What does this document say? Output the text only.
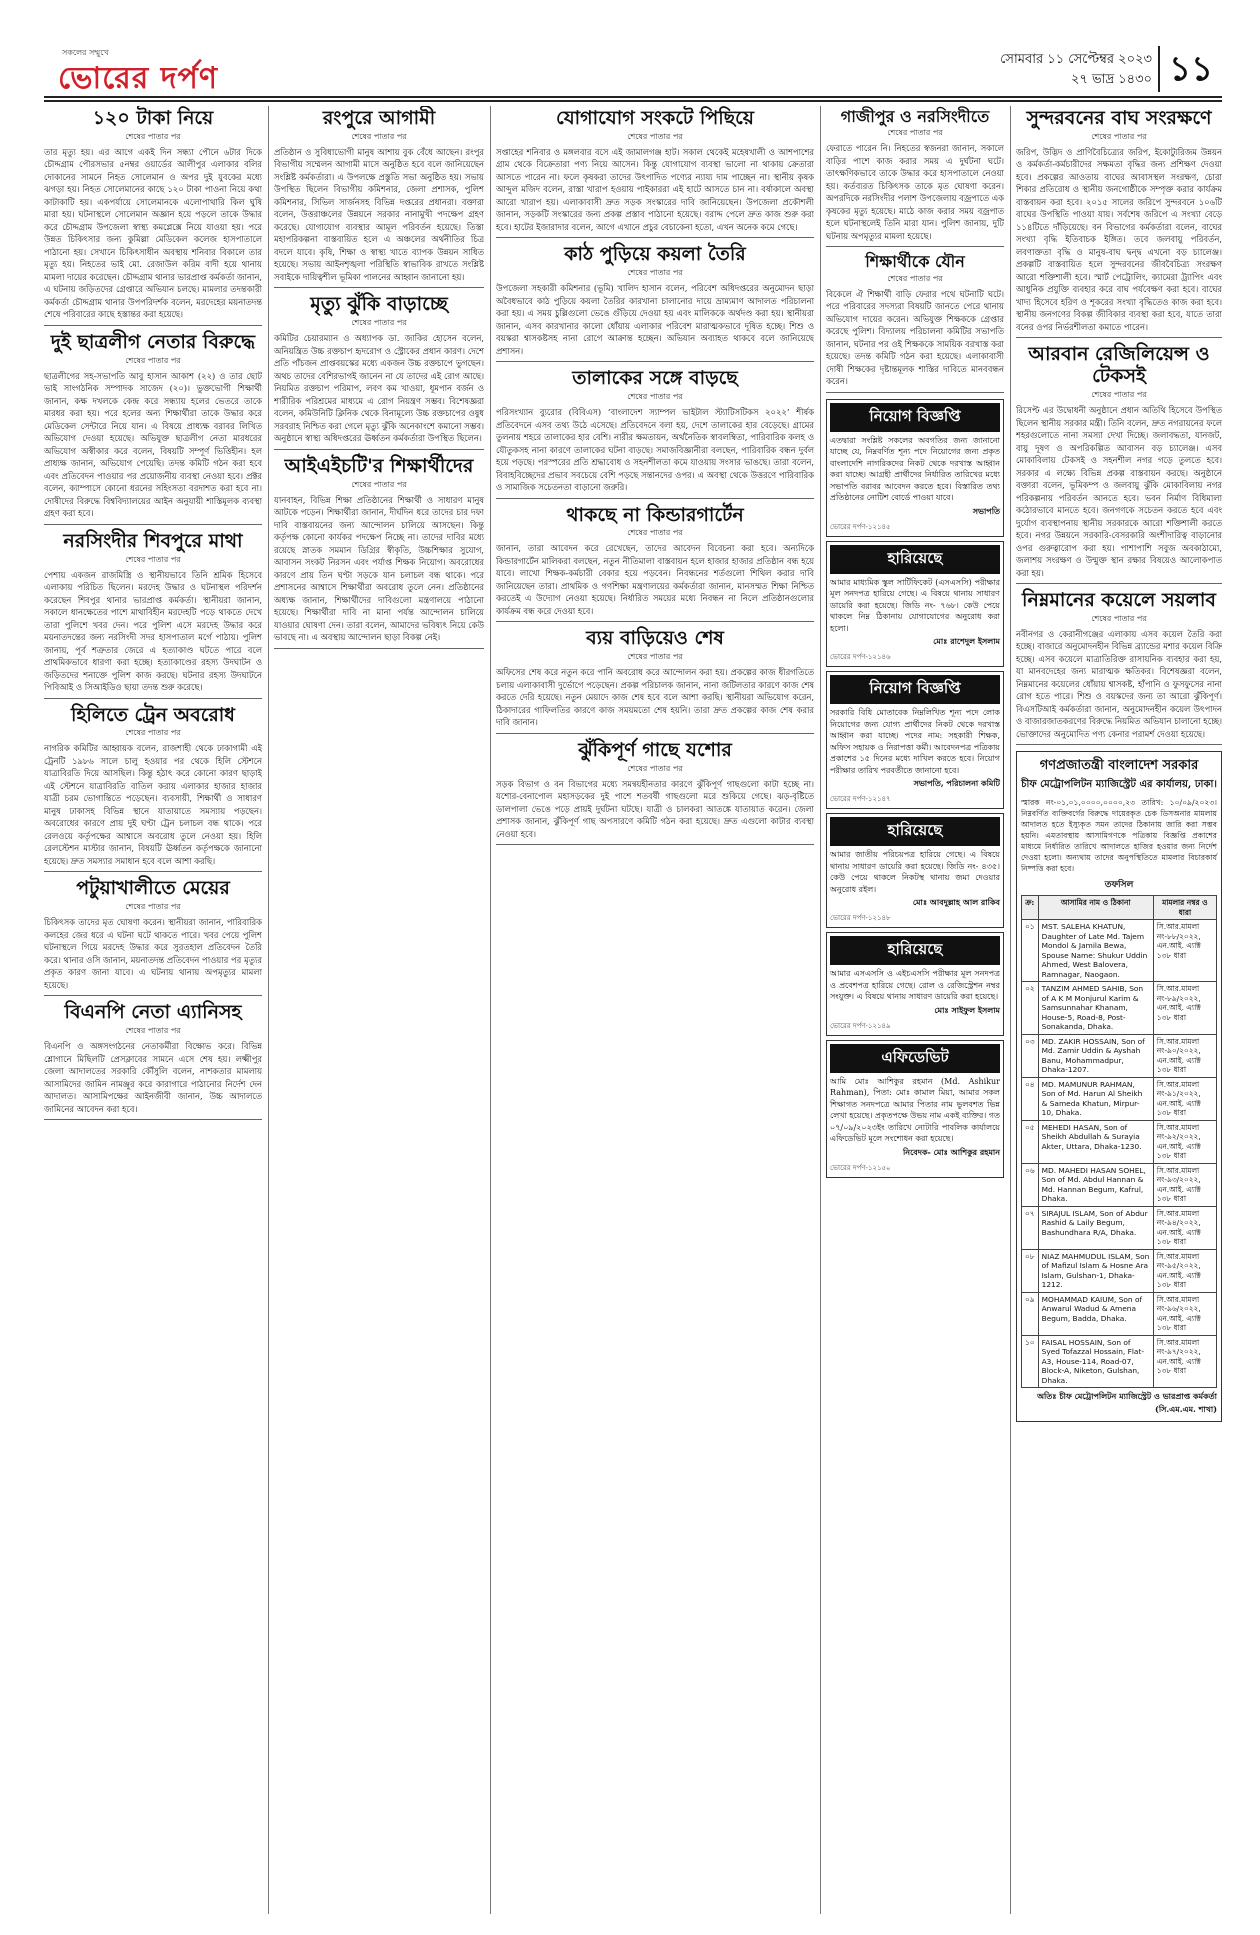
সকলের সম্মুখে
ভোরের দর্পণ
সোমবার ১১ সেপ্টেম্বর ২০২৩
২৭ ভাদ্র ১৪৩০ ১১
১২০ টাকা নিয়ে
শেষের পাতার পর
তার মৃত্যু হয়। এর আগে একই দিন সন্ধ্যা পৌনে ৬টার দিকে চৌদ্দগ্রাম পৌরসভার ৫নম্বর ওয়ার্ডের আলীপুর এলাকার বলির দোকানের সামনে নিহত সোলেমান ও অপর দুই যুবকের মধ্যে ঝগড়া হয়। নিহত সোলেমানের কাছে ১২০ টাকা পাওনা নিয়ে কথা কাটাকাটি হয়। একপর্যায়ে সোলেমানকে এলোপাথারি কিল ঘুষি মারা হয়। ঘটনাস্থলে সোলেমান অজ্ঞান হয়ে পড়লে তাকে উদ্ধার করে চৌদ্দগ্রাম উপজেলা স্বাস্থ্য কমপ্লেক্সে নিয়ে যাওয়া হয়। পরে উন্নত চিকিৎসার জন্য কুমিল্লা মেডিকেল কলেজ হাসপাতালে পাঠানো হয়। সেখানে চিকিৎসাধীন অবস্থায় শনিবার বিকালে তার মৃত্যু হয়। নিহতের ভাই মো. রেজাউল করিম বাদী হয়ে থানায় মামলা দায়ের করেছেন। চৌদ্দগ্রাম থানার ভারপ্রাপ্ত কর্মকর্তা জানান, এ ঘটনায় জড়িতদের গ্রেপ্তারে অভিযান চলছে। মামলার তদন্তকারী কর্মকর্তা চৌদ্দগ্রাম থানার উপপরিদর্শক বলেন, মরদেহের ময়নাতদন্ত শেষে পরিবারের কাছে হস্তান্তর করা হয়েছে।
দুই ছাত্রলীগ নেতার বিরুদ্ধে
শেষের পাতার পর
ছাত্রলীগের সহ-সভাপতি আবু হাসান আকাশ (২২) ও তার ছোট ভাই সাংগঠনিক সম্পাদক সাজেদ (২০)। ভুক্তভোগী শিক্ষার্থী জানান, কক্ষ দখলকে কেন্দ্র করে সন্ধ্যায় হলের ভেতরে তাকে মারধর করা হয়। পরে হলের অন্য শিক্ষার্থীরা তাকে উদ্ধার করে মেডিকেল সেন্টারে নিয়ে যান। এ বিষয়ে প্রাধ্যক্ষ বরাবর লিখিত অভিযোগ দেওয়া হয়েছে। অভিযুক্ত ছাত্রলীগ নেতা মারধরের অভিযোগ অস্বীকার করে বলেন, বিষয়টি সম্পূর্ণ ভিত্তিহীন। হল প্রাধ্যক্ষ জানান, অভিযোগ পেয়েছি। তদন্ত কমিটি গঠন করা হবে এবং প্রতিবেদন পাওয়ার পর প্রয়োজনীয় ব্যবস্থা নেওয়া হবে। প্রক্টর বলেন, ক্যাম্পাসে কোনো ধরনের সহিংসতা বরদাশত করা হবে না। দোষীদের বিরুদ্ধে বিশ্ববিদ্যালয়ের আইন অনুযায়ী শাস্তিমূলক ব্যবস্থা গ্রহণ করা হবে।
নরসিংদীর শিবপুরে মাথা
শেষের পাতার পর
পেশায় একজন রাজমিস্ত্রি ও স্থানীয়ভাবে তিনি শ্রমিক হিসেবে এলাকায় পরিচিত ছিলেন। মরদেহ উদ্ধার ও ঘটনাস্থল পরিদর্শন করেছেন শিবপুর থানার ভারপ্রাপ্ত কর্মকর্তা। স্থানীয়রা জানান, সকালে ধানক্ষেতের পাশে মাথাবিহীন মরদেহটি পড়ে থাকতে দেখে তারা পুলিশে খবর দেন। পরে পুলিশ এসে মরদেহ উদ্ধার করে ময়নাতদন্তের জন্য নরসিংদী সদর হাসপাতাল মর্গে পাঠায়। পুলিশ জানায়, পূর্ব শত্রুতার জেরে এ হত্যাকাণ্ড ঘটতে পারে বলে প্রাথমিকভাবে ধারণা করা হচ্ছে। হত্যাকাণ্ডের রহস্য উদঘাটন ও জড়িতদের শনাক্তে পুলিশ কাজ করছে। ঘটনার রহস্য উদঘাটনে পিবিআই ও সিআইডিও ছায়া তদন্ত শুরু করেছে।
হিলিতে ট্রেন অবরোধ
শেষের পাতার পর
নাগরিক কমিটির আহ্বায়ক বলেন, রাজশাহী থেকে ঢাকাগামী এই ট্রেনটি ১৯৮৬ সালে চালু হওয়ার পর থেকে হিলি স্টেশনে যাত্রাবিরতি দিয়ে আসছিল। কিন্তু হঠাৎ করে কোনো কারণ ছাড়াই এই স্টেশনে যাত্রাবিরতি বাতিল করায় এলাকার হাজার হাজার যাত্রী চরম ভোগান্তিতে পড়েছেন। ব্যবসায়ী, শিক্ষার্থী ও সাধারণ মানুষ ঢাকাসহ বিভিন্ন স্থানে যাতায়াতে সমস্যায় পড়ছেন। অবরোধের কারণে প্রায় দুই ঘণ্টা ট্রেন চলাচল বন্ধ থাকে। পরে রেলওয়ে কর্তৃপক্ষের আশ্বাসে অবরোধ তুলে নেওয়া হয়। হিলি রেলস্টেশন মাস্টার জানান, বিষয়টি ঊর্ধ্বতন কর্তৃপক্ষকে জানানো হয়েছে। দ্রুত সমস্যার সমাধান হবে বলে আশা করছি।
পটুয়াখালীতে মেয়ের
শেষের পাতার পর
চিকিৎসক তাদের মৃত ঘোষণা করেন। স্থানীয়রা জানান, পারিবারিক কলহের জের ধরে এ ঘটনা ঘটে থাকতে পারে। খবর পেয়ে পুলিশ ঘটনাস্থলে গিয়ে মরদেহ উদ্ধার করে সুরতহাল প্রতিবেদন তৈরি করে। থানার ওসি জানান, ময়নাতদন্ত প্রতিবেদন পাওয়ার পর মৃত্যুর প্রকৃত কারণ জানা যাবে। এ ঘটনায় থানায় অপমৃত্যুর মামলা হয়েছে।
বিএনপি নেতা এ্যানিসহ
শেষের পাতার পর
বিএনপি ও অঙ্গসংগঠনের নেতাকর্মীরা বিক্ষোভ করে। বিভিন্ন শ্লোগানে মিছিলটি প্রেসক্লাবের সামনে এসে শেষ হয়। লক্ষ্মীপুর জেলা আদালতের সরকারি কৌঁসুলি বলেন, নাশকতার মামলায় আসামিদের জামিন নামঞ্জুর করে কারাগারে পাঠানোর নির্দেশ দেন আদালত। আসামিপক্ষের আইনজীবী জানান, উচ্চ আদালতে জামিনের আবেদন করা হবে।
রংপুরে আগামী
শেষের পাতার পর
প্রতিষ্ঠান ও সুবিধাভোগী মানুষ আশায় বুক বেঁধে আছেন। রংপুর বিভাগীয় সম্মেলন আগামী মাসে অনুষ্ঠিত হবে বলে জানিয়েছেন সংশ্লিষ্ট কর্মকর্তারা। এ উপলক্ষে প্রস্তুতি সভা অনুষ্ঠিত হয়। সভায় উপস্থিত ছিলেন বিভাগীয় কমিশনার, জেলা প্রশাসক, পুলিশ কমিশনার, সিভিল সার্জনসহ বিভিন্ন দপ্তরের প্রধানরা। বক্তারা বলেন, উত্তরাঞ্চলের উন্নয়নে সরকার নানামুখী পদক্ষেপ গ্রহণ করেছে। যোগাযোগ ব্যবস্থার আমূল পরিবর্তন হয়েছে। তিস্তা মহাপরিকল্পনা বাস্তবায়িত হলে এ অঞ্চলের অর্থনীতির চিত্র বদলে যাবে। কৃষি, শিক্ষা ও স্বাস্থ্য খাতে ব্যাপক উন্নয়ন সাধিত হয়েছে। সভায় আইনশৃঙ্খলা পরিস্থিতি স্বাভাবিক রাখতে সংশ্লিষ্ট সবাইকে দায়িত্বশীল ভূমিকা পালনের আহ্বান জানানো হয়।
মৃত্যু ঝুঁকি বাড়াচ্ছে
শেষের পাতার পর
কমিটির চেয়ারম্যান ও অধ্যাপক ডা. জাকির হোসেন বলেন, অনিয়ন্ত্রিত উচ্চ রক্তচাপ হৃদরোগ ও স্ট্রোকের প্রধান কারণ। দেশে প্রতি পাঁচজন প্রাপ্তবয়স্কের মধ্যে একজন উচ্চ রক্তচাপে ভুগছেন। অথচ তাদের বেশিরভাগই জানেন না যে তাদের এই রোগ আছে। নিয়মিত রক্তচাপ পরিমাপ, লবণ কম খাওয়া, ধূমপান বর্জন ও শারীরিক পরিশ্রমের মাধ্যমে এ রোগ নিয়ন্ত্রণ সম্ভব। বিশেষজ্ঞরা বলেন, কমিউনিটি ক্লিনিক থেকে বিনামূল্যে উচ্চ রক্তচাপের ওষুধ সরবরাহ নিশ্চিত করা গেলে মৃত্যু ঝুঁকি অনেকাংশে কমানো সম্ভব। অনুষ্ঠানে স্বাস্থ্য অধিদপ্তরের ঊর্ধ্বতন কর্মকর্তারা উপস্থিত ছিলেন।
আইএইচটি'র শিক্ষার্থীদের
শেষের পাতার পর
যানবাহন, বিভিন্ন শিক্ষা প্রতিষ্ঠানের শিক্ষার্থী ও সাধারণ মানুষ আটকে পড়েন। শিক্ষার্থীরা জানান, দীর্ঘদিন ধরে তাদের চার দফা দাবি বাস্তবায়নের জন্য আন্দোলন চালিয়ে আসছেন। কিন্তু কর্তৃপক্ষ কোনো কার্যকর পদক্ষেপ নিচ্ছে না। তাদের দাবির মধ্যে রয়েছে স্নাতক সমমান ডিগ্রির স্বীকৃতি, উচ্চশিক্ষার সুযোগ, আবাসন সংকট নিরসন এবং পর্যাপ্ত শিক্ষক নিয়োগ। অবরোধের কারণে প্রায় তিন ঘণ্টা সড়কে যান চলাচল বন্ধ থাকে। পরে প্রশাসনের আশ্বাসে শিক্ষার্থীরা অবরোধ তুলে নেন। প্রতিষ্ঠানের অধ্যক্ষ জানান, শিক্ষার্থীদের দাবিগুলো মন্ত্রণালয়ে পাঠানো হয়েছে। শিক্ষার্থীরা দাবি না মানা পর্যন্ত আন্দোলন চালিয়ে যাওয়ার ঘোষণা দেন। তারা বলেন, আমাদের ভবিষ্যৎ নিয়ে কেউ ভাবছে না। এ অবস্থায় আন্দোলন ছাড়া বিকল্প নেই।
যোগাযোগ সংকটে পিছিয়ে
শেষের পাতার পর
সপ্তাহের শনিবার ও মঙ্গলবার বসে এই জামালগঞ্জ হাট। সকাল থেকেই মহেষখালী ও আশপাশের গ্রাম থেকে বিক্রেতারা পণ্য নিয়ে আসেন। কিন্তু যোগাযোগ ব্যবস্থা ভালো না থাকায় ক্রেতারা আসতে পারেন না। ফলে কৃষকরা তাদের উৎপাদিত পণ্যের ন্যায্য দাম পাচ্ছেন না। স্থানীয় কৃষক আব্দুল মজিদ বলেন, রাস্তা খারাপ হওয়ায় পাইকাররা এই হাটে আসতে চান না। বর্ষাকালে অবস্থা আরো খারাপ হয়। এলাকাবাসী দ্রুত সড়ক সংস্কারের দাবি জানিয়েছেন। উপজেলা প্রকৌশলী জানান, সড়কটি সংস্কারের জন্য প্রকল্প প্রস্তাব পাঠানো হয়েছে। বরাদ্দ পেলে দ্রুত কাজ শুরু করা হবে। হাটের ইজারাদার বলেন, আগে এখানে প্রচুর বেচাকেনা হতো, এখন অনেক কমে গেছে।
কাঠ পুড়িয়ে কয়লা তৈরি
শেষের পাতার পর
উপজেলা সহকারী কমিশনার (ভূমি) খালিদ হাসান বলেন, পরিবেশ অধিদপ্তরের অনুমোদন ছাড়া অবৈধভাবে কাঠ পুড়িয়ে কয়লা তৈরির কারখানা চালানোর দায়ে ভ্রাম্যমাণ আদালত পরিচালনা করা হয়। এ সময় চুল্লিগুলো ভেঙে গুঁড়িয়ে দেওয়া হয় এবং মালিককে অর্থদণ্ড করা হয়। স্থানীয়রা জানান, এসব কারখানার কালো ধোঁয়ায় এলাকার পরিবেশ মারাত্মকভাবে দূষিত হচ্ছে। শিশু ও বয়স্করা শ্বাসকষ্টসহ নানা রোগে আক্রান্ত হচ্ছেন। অভিযান অব্যাহত থাকবে বলে জানিয়েছে প্রশাসন।
তালাকের সঙ্গে বাড়ছে
শেষের পাতার পর
পরিসংখ্যান ব্যুরোর (বিবিএস) ‘বাংলাদেশ স্যাম্পল ভাইটাল স্ট্যাটিসটিকস ২০২২’ শীর্ষক প্রতিবেদনে এসব তথ্য উঠে এসেছে। প্রতিবেদনে বলা হয়, দেশে তালাকের হার বেড়েছে। গ্রামের তুলনায় শহরে তালাকের হার বেশি। নারীর ক্ষমতায়ন, অর্থনৈতিক স্বাবলম্বিতা, পারিবারিক কলহ ও যৌতুকসহ নানা কারণে তালাকের ঘটনা বাড়ছে। সমাজবিজ্ঞানীরা বলছেন, পারিবারিক বন্ধন দুর্বল হয়ে পড়ছে। পরস্পরের প্রতি শ্রদ্ধাবোধ ও সহনশীলতা কমে যাওয়ায় সংসার ভাঙছে। তারা বলেন, বিবাহবিচ্ছেদের প্রভাব সবচেয়ে বেশি পড়ছে সন্তানদের ওপর। এ অবস্থা থেকে উত্তরণে পারিবারিক ও সামাজিক সচেতনতা বাড়ানো জরুরি।
থাকছে না কিন্ডারগার্টেন
শেষের পাতার পর
জানান, তারা আবেদন করে রেখেছেন, তাদের আবেদন বিবেচনা করা হবে। অন্যদিকে কিন্ডারগার্টেন মালিকরা বলছেন, নতুন নীতিমালা বাস্তবায়ন হলে হাজার হাজার প্রতিষ্ঠান বন্ধ হয়ে যাবে। লাখো শিক্ষক-কর্মচারী বেকার হয়ে পড়বেন। নিবন্ধনের শর্তগুলো শিথিল করার দাবি জানিয়েছেন তারা। প্রাথমিক ও গণশিক্ষা মন্ত্রণালয়ের কর্মকর্তারা জানান, মানসম্মত শিক্ষা নিশ্চিত করতেই এ উদ্যোগ নেওয়া হয়েছে। নির্ধারিত সময়ের মধ্যে নিবন্ধন না নিলে প্রতিষ্ঠানগুলোর কার্যক্রম বন্ধ করে দেওয়া হবে।
ব্যয় বাড়িয়েও শেষ
শেষের পাতার পর
অফিসের শেষ করে নতুন করে পানি অবরোধ করে আন্দোলন করা হয়। প্রকল্পের কাজ ধীরগতিতে চলায় এলাকাবাসী দুর্ভোগে পড়েছেন। প্রকল্প পরিচালক জানান, নানা জটিলতার কারণে কাজ শেষ করতে দেরি হয়েছে। নতুন মেয়াদে কাজ শেষ হবে বলে আশা করছি। স্থানীয়রা অভিযোগ করেন, ঠিকাদারের গাফিলতির কারণে কাজ সময়মতো শেষ হয়নি। তারা দ্রুত প্রকল্পের কাজ শেষ করার দাবি জানান।
ঝুঁকিপূর্ণ গাছে যশোর
শেষের পাতার পর
সড়ক বিভাগ ও বন বিভাগের মধ্যে সমন্বয়হীনতার কারণে ঝুঁকিপূর্ণ গাছগুলো কাটা হচ্ছে না। যশোর-বেনাপোল মহাসড়কের দুই পাশে শতবর্ষী গাছগুলো মরে শুকিয়ে গেছে। ঝড়-বৃষ্টিতে ডালপালা ভেঙে পড়ে প্রায়ই দুর্ঘটনা ঘটছে। যাত্রী ও চালকরা আতঙ্কে যাতায়াত করেন। জেলা প্রশাসক জানান, ঝুঁকিপূর্ণ গাছ অপসারণে কমিটি গঠন করা হয়েছে। দ্রুত এগুলো কাটার ব্যবস্থা নেওয়া হবে।
গাজীপুর ও নরসিংদীতে
শেষের পাতার পর
ফেরাতে পারেন নি। নিহতের স্বজনরা জানান, সকালে বাড়ির পাশে কাজ করার সময় এ দুর্ঘটনা ঘটে। তাৎক্ষণিকভাবে তাকে উদ্ধার করে হাসপাতালে নেওয়া হয়। কর্তব্যরত চিকিৎসক তাকে মৃত ঘোষণা করেন। অপরদিকে নরসিংদীর পলাশ উপজেলায় বজ্রপাতে এক কৃষকের মৃত্যু হয়েছে। মাঠে কাজ করার সময় বজ্রপাত হলে ঘটনাস্থলেই তিনি মারা যান। পুলিশ জানায়, দুটি ঘটনায় অপমৃত্যুর মামলা হয়েছে।
শিক্ষার্থীকে যৌন
শেষের পাতার পর
বিকেলে ঐ শিক্ষার্থী বাড়ি ফেরার পথে ঘটনাটি ঘটে। পরে পরিবারের সদস্যরা বিষয়টি জানতে পেরে থানায় অভিযোগ দায়ের করেন। অভিযুক্ত শিক্ষককে গ্রেপ্তার করেছে পুলিশ। বিদ্যালয় পরিচালনা কমিটির সভাপতি জানান, ঘটনার পর ওই শিক্ষককে সাময়িক বরখাস্ত করা হয়েছে। তদন্ত কমিটি গঠন করা হয়েছে। এলাকাবাসী দোষী শিক্ষকের দৃষ্টান্তমূলক শাস্তির দাবিতে মানববন্ধন করেন।
নিয়োগ বিজ্ঞপ্তি
এতদ্বারা সংশ্লিষ্ট সকলের অবগতির জন্য জানানো যাচ্ছে যে, নিম্নবর্ণিত শূন্য পদে নিয়োগের জন্য প্রকৃত বাংলাদেশি নাগরিকদের নিকট থেকে দরখাস্ত আহ্বান করা যাচ্ছে। আগ্রহী প্রার্থীদের নির্ধারিত তারিখের মধ্যে সভাপতি বরাবর আবেদন করতে হবে। বিস্তারিত তথ্য প্রতিষ্ঠানের নোটিশ বোর্ডে পাওয়া যাবে।
সভাপতি
ভোরের দর্পণ-১২১৪৫
হারিয়েছে
আমার মাধ্যমিক স্কুল সার্টিফিকেট (এসএসসি) পরীক্ষার মূল সনদপত্র হারিয়ে গেছে। এ বিষয়ে থানায় সাধারণ ডায়েরি করা হয়েছে। জিডি নং- ৭৬৮। কেউ পেয়ে থাকলে নিম্ন ঠিকানায় যোগাযোগের অনুরোধ করা হলো।
মোঃ রাশেদুল ইসলাম
ভোরের দর্পণ-১২১৪৬
নিয়োগ বিজ্ঞপ্তি
সরকারি বিধি মোতাবেক নিম্নলিখিত শূন্য পদে লোক নিয়োগের জন্য যোগ্য প্রার্থীদের নিকট থেকে দরখাস্ত আহ্বান করা যাচ্ছে। পদের নাম: সহকারী শিক্ষক, অফিস সহায়ক ও নিরাপত্তা কর্মী। আবেদনপত্র পত্রিকায় প্রকাশের ১৫ দিনের মধ্যে দাখিল করতে হবে। নিয়োগ পরীক্ষার তারিখ পরবর্তীতে জানানো হবে।
সভাপতি, পরিচালনা কমিটি
ভোরের দর্পণ-১২১৪৭
হারিয়েছে
আমার জাতীয় পরিচয়পত্র হারিয়ে গেছে। এ বিষয়ে থানায় সাধারণ ডায়েরি করা হয়েছে। জিডি নং- ৪৩৫। কেউ পেয়ে থাকলে নিকটস্থ থানায় জমা দেওয়ার অনুরোধ রইল।
মোঃ আবদুল্লাহ আল রাকিব
ভোরের দর্পণ-১২১৪৮
হারিয়েছে
আমার এসএসসি ও এইচএসসি পরীক্ষার মূল সনদপত্র ও প্রবেশপত্র হারিয়ে গেছে। রোল ও রেজিস্ট্রেশন নম্বর সংযুক্ত। এ বিষয়ে থানায় সাধারণ ডায়েরি করা হয়েছে।
মোঃ সাইফুল ইসলাম
ভোরের দর্পণ-১২১৪৯
এফিডেভিট
আমি মোঃ আশিকুর রহমান (Md. Ashikur Rahman), পিতা: মোঃ কামাল মিয়া, আমার সকল শিক্ষাগত সনদপত্রে আমার পিতার নাম ভুলবশত ভিন্ন লেখা হয়েছে। প্রকৃতপক্ষে উভয় নাম একই ব্যক্তির। গত ০৭/০৯/২০২৩ইং তারিখে নোটারি পাবলিক কার্যালয়ে এফিডেভিট মূলে সংশোধন করা হয়েছে।
নিবেদক- মোঃ আশিকুর রহমান
ভোরের দর্পণ-১২১৫০
সুন্দরবনের বাঘ সংরক্ষণে
শেষের পাতার পর
জরিপ, উদ্ভিদ ও প্রাণিবৈচিত্র্যের জরিপ, ইকোট্যুরিজম উন্নয়ন ও কর্মকর্তা-কর্মচারীদের সক্ষমতা বৃদ্ধির জন্য প্রশিক্ষণ দেওয়া হবে। প্রকল্পের আওতায় বাঘের আবাসস্থল সংরক্ষণ, চোরা শিকার প্রতিরোধ ও স্থানীয় জনগোষ্ঠীকে সম্পৃক্ত করার কার্যক্রম বাস্তবায়ন করা হবে। ২০১৫ সালের জরিপে সুন্দরবনে ১০৬টি বাঘের উপস্থিতি পাওয়া যায়। সর্বশেষ জরিপে এ সংখ্যা বেড়ে ১১৪টিতে দাঁড়িয়েছে। বন বিভাগের কর্মকর্তারা বলেন, বাঘের সংখ্যা বৃদ্ধি ইতিবাচক ইঙ্গিত। তবে জলবায়ু পরিবর্তন, লবণাক্ততা বৃদ্ধি ও মানুষ-বাঘ দ্বন্দ্ব এখনো বড় চ্যালেঞ্জ। প্রকল্পটি বাস্তবায়িত হলে সুন্দরবনের জীববৈচিত্র্য সংরক্ষণ আরো শক্তিশালী হবে। স্মার্ট পেট্রোলিং, ক্যামেরা ট্র্যাপিং এবং আধুনিক প্রযুক্তি ব্যবহার করে বাঘ পর্যবেক্ষণ করা হবে। বাঘের খাদ্য হিসেবে হরিণ ও শূকরের সংখ্যা বৃদ্ধিতেও কাজ করা হবে। স্থানীয় জনগণের বিকল্প জীবিকার ব্যবস্থা করা হবে, যাতে তারা বনের ওপর নির্ভরশীলতা কমাতে পারেন।
আরবান রেজিলিয়েন্স ও টেকসই
শেষের পাতার পর
রিসেপ্ট এর উদ্বোধনী অনুষ্ঠানে প্রধান অতিথি হিসেবে উপস্থিত ছিলেন স্থানীয় সরকার মন্ত্রী। তিনি বলেন, দ্রুত নগরায়নের ফলে শহরগুলোতে নানা সমস্যা দেখা দিচ্ছে। জলাবদ্ধতা, যানজট, বায়ু দূষণ ও অপরিকল্পিত আবাসন বড় চ্যালেঞ্জ। এসব মোকাবিলায় টেকসই ও সহনশীল নগর গড়ে তুলতে হবে। সরকার এ লক্ষ্যে বিভিন্ন প্রকল্প বাস্তবায়ন করছে। অনুষ্ঠানে বক্তারা বলেন, ভূমিকম্প ও জলবায়ু ঝুঁকি মোকাবিলায় নগর পরিকল্পনায় পরিবর্তন আনতে হবে। ভবন নির্মাণ বিধিমালা কঠোরভাবে মানতে হবে। জনগণকে সচেতন করতে হবে এবং দুর্যোগ ব্যবস্থাপনায় স্থানীয় সরকারকে আরো শক্তিশালী করতে হবে। নগর উন্নয়নে সরকারি-বেসরকারি অংশীদারিত্ব বাড়ানোর ওপর গুরুত্বারোপ করা হয়। পাশাপাশি সবুজ অবকাঠামো, জলাশয় সংরক্ষণ ও উন্মুক্ত স্থান রক্ষার বিষয়েও আলোকপাত করা হয়।
নিম্নমানের কয়েলে সয়লাব
শেষের পাতার পর
নবীনগর ও কেরানীগঞ্জের এলাকায় এসব কয়েল তৈরি করা হচ্ছে। বাজারে অনুমোদনহীন বিভিন্ন ব্র্যান্ডের মশার কয়েল বিক্রি হচ্ছে। এসব কয়েলে মাত্রাতিরিক্ত রাসায়নিক ব্যবহার করা হয়, যা মানবদেহের জন্য মারাত্মক ক্ষতিকর। বিশেষজ্ঞরা বলেন, নিম্নমানের কয়েলের ধোঁয়ায় শ্বাসকষ্ট, হাঁপানি ও ফুসফুসের নানা রোগ হতে পারে। শিশু ও বয়স্কদের জন্য তা আরো ঝুঁকিপূর্ণ। বিএসটিআই কর্মকর্তারা জানান, অনুমোদনহীন কয়েল উৎপাদন ও বাজারজাতকরণের বিরুদ্ধে নিয়মিত অভিযান চালানো হচ্ছে। ভোক্তাদের অনুমোদিত পণ্য কেনার পরামর্শ দেওয়া হয়েছে।
গণপ্রজাতন্ত্রী বাংলাদেশ সরকার
চীফ মেট্রোপলিটন ম্যাজিস্ট্রেট এর কার্যালয়, ঢাকা।
স্মারক নং-০১,০১,০০০০,০০০০,২৩ তারিখ: ১০/০৯/২০২৩। নিম্নবর্ণিত ব্যক্তিবর্গের বিরুদ্ধে দায়েরকৃত চেক ডিসঅনার মামলায় আদালত হতে ইস্যুকৃত সমন তাদের ঠিকানায় জারি করা সম্ভব হয়নি। এমতাবস্থায় আসামিগণকে পত্রিকায় বিজ্ঞপ্তি প্রকাশের মাধ্যমে নির্ধারিত তারিখে আদালতে হাজির হওয়ার জন্য নির্দেশ দেওয়া হলো। অন্যথায় তাদের অনুপস্থিতিতে মামলার বিচারকার্য নিষ্পত্তি করা হবে।
তফসিল
ক্র:	আসামির নাম ও ঠিকানা	মামলার নম্বর ও ধারা
০১	MST. SALEHA KHATUN, Daughter of Late Md. Tajem Mondol & Jamila Bewa, Spouse Name: Shukur Uddin Ahmed, West Balovera, Ramnagar, Naogaon.	সি.আর.মামলা নং-৮৮/২০২২, এন.আই. এ্যাক্ট ১৩৮ ধারা
০২	TANZIM AHMED SAHIB, Son of A K M Monjurul Karim & Samsunnahar Khanam, House-5, Road-8, Post-Sonakanda, Dhaka.	সি.আর.মামলা নং-৮৯/২০২২, এন.আই. এ্যাক্ট ১৩৮ ধারা
০৩	MD. ZAKIR HOSSAIN, Son of Md. Zamir Uddin & Ayshah Banu, Mohammadpur, Dhaka-1207.	সি.আর.মামলা নং-৯০/২০২২, এন.আই. এ্যাক্ট ১৩৮ ধারা
০৪	MD. MAMUNUR RAHMAN, Son of Md. Harun Al Sheikh & Sameda Khatun, Mirpur-10, Dhaka.	সি.আর.মামলা নং-৯১/২০২২, এন.আই. এ্যাক্ট ১৩৮ ধারা
০৫	MEHEDI HASAN, Son of Sheikh Abdullah & Surayia Akter, Uttara, Dhaka-1230.	সি.আর.মামলা নং-৯২/২০২২, এন.আই. এ্যাক্ট ১৩৮ ধারা
০৬	MD. MAHEDI HASAN SOHEL, Son of Md. Abdul Hannan & Md. Hannan Begum, Kafrul, Dhaka.	সি.আর.মামলা নং-৯৩/২০২২, এন.আই. এ্যাক্ট ১৩৮ ধারা
০৭	SIRAJUL ISLAM, Son of Abdur Rashid & Laily Begum, Bashundhara R/A, Dhaka.	সি.আর.মামলা নং-৯৪/২০২২, এন.আই. এ্যাক্ট ১৩৮ ধারা
০৮	NIAZ MAHMUDUL ISLAM, Son of Mafizul Islam & Hosne Ara Islam, Gulshan-1, Dhaka-1212.	সি.আর.মামলা নং-৯৫/২০২২, এন.আই. এ্যাক্ট ১৩৮ ধারা
০৯	MOHAMMAD KAIUM, Son of Anwarul Wadud & Amena Begum, Badda, Dhaka.	সি.আর.মামলা নং-৯৬/২০২২, এন.আই. এ্যাক্ট ১৩৮ ধারা
১০	FAISAL HOSSAIN, Son of Syed Tofazzal Hossain, Flat-A3, House-114, Road-07, Block-A, Niketon, Gulshan, Dhaka.	সি.আর.মামলা নং-৯৭/২০২২, এন.আই. এ্যাক্ট ১৩৮ ধারা
অতিঃ চীফ মেট্রোপলিটন ম্যাজিস্ট্রেট ও ভারপ্রাপ্ত কর্মকর্তা (সি.এম.এম. শাখা)
